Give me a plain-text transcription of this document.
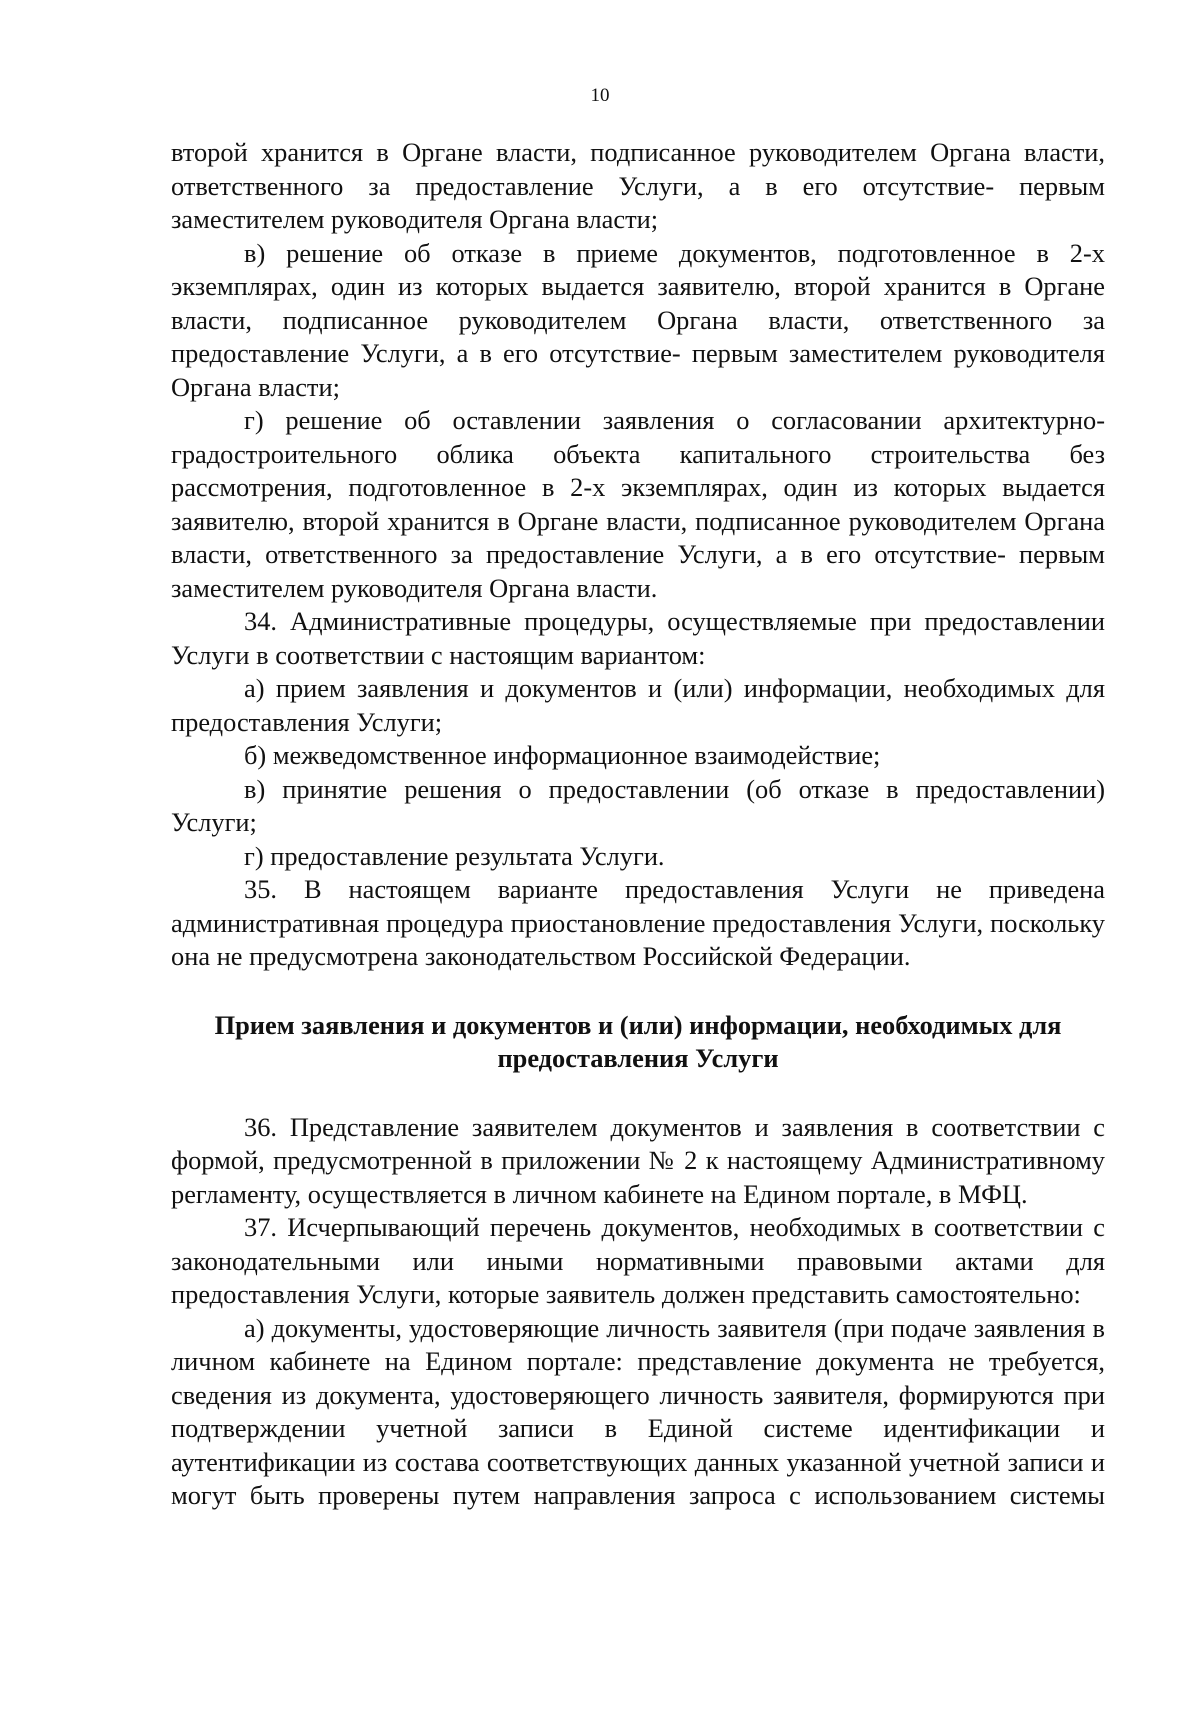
10

второй хранится в Органе власти, подписанное руководителем Органа власти, ответственного за предоставление Услуги, а в его отсутствие- первым заместителем руководителя Органа власти;

в) решение об отказе в приеме документов, подготовленное в 2-х экземплярах, один из которых выдается заявителю, второй хранится в Органе власти, подписанное руководителем Органа власти, ответственного за предоставление Услуги, а в его отсутствие- первым заместителем руководителя Органа власти;

г) решение об оставлении заявления о согласовании архитектурно-градостроительного облика объекта капитального строительства без рассмотрения, подготовленное в 2-х экземплярах, один из которых выдается заявителю, второй хранится в Органе власти, подписанное руководителем Органа власти, ответственного за предоставление Услуги, а в его отсутствие- первым заместителем руководителя Органа власти.

34. Административные процедуры, осуществляемые при предоставлении Услуги в соответствии с настоящим вариантом:

а) прием заявления и документов и (или) информации, необходимых для предоставления Услуги;

б) межведомственное информационное взаимодействие;

в) принятие решения о предоставлении (об отказе в предоставлении) Услуги;

г) предоставление результата Услуги.

35. В настоящем варианте предоставления Услуги не приведена административная процедура приостановление предоставления Услуги, поскольку она не предусмотрена законодательством Российской Федерации.

Прием заявления и документов и (или) информации, необходимых для предоставления Услуги

36. Представление заявителем документов и заявления в соответствии с формой, предусмотренной в приложении № 2 к настоящему Административному регламенту, осуществляется в личном кабинете на Едином портале, в МФЦ.

37. Исчерпывающий перечень документов, необходимых в соответствии с законодательными или иными нормативными правовыми актами для предоставления Услуги, которые заявитель должен представить самостоятельно:

а) документы, удостоверяющие личность заявителя (при подаче заявления в личном кабинете на Едином портале: представление документа не требуется, сведения из документа, удостоверяющего личность заявителя, формируются при подтверждении учетной записи в Единой системе идентификации и аутентификации из состава соответствующих данных указанной учетной записи и могут быть проверены путем направления запроса с использованием системы
